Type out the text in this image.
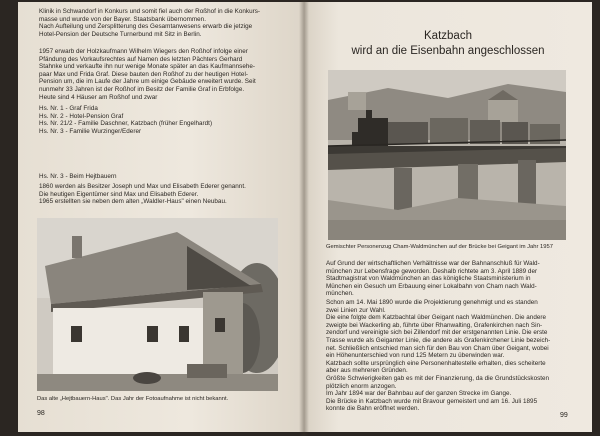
Klinik in Schwandorf in Konkurs und somit fiel auch der Roßhof in die Konkurs-
masse und wurde von der Bayer. Staatsbank übernommen.
Nach Aufteilung und Zersplitterung des Gesamtanwesens erwarb die jetzige
Hotel-Pension der Deutsche Turnerbund mit Sitz in Berlin.
1957 erwarb der Holzkaufmann Wilhelm Wiegers den Roßhof infolge einer
Pfändung des Vorkaufsrechtes auf Namen des letzten Pächters Gerhard
Stahnke und verkaufte ihn nur wenige Monate später an das Kaufmannsehe-
paar Max und Frida Graf. Diese bauten den Roßhof zu der heutigen Hotel-
Pension um, die im Laufe der Jahre um einige Gebäude erweitert wurde. Seit
nunmehr 33 Jahren ist der Roßhof im Besitz der Familie Graf in Erbfolge.
Heute sind 4 Häuser am Roßhof und zwar
Hs. Nr. 1 - Graf Frida
Hs. Nr. 2 - Hotel-Pension Graf
Hs. Nr. 21/2 - Familie Daschner, Katzbach (früher Engelhardt)
Hs. Nr. 3 - Familie Wurzinger/Ederer
Hs. Nr. 3 - Beim Hejtbauern
1860 werden als Besitzer Joseph und Max und Elisabeth Ederer genannt.
Die heutigen Eigentümer sind Max und Elisabeth Ederer.
1965 erstellten sie neben dem alten „Waldler-Haus" einen Neubau.
Das alte „Hejtbauern-Haus". Das Jahr der Fotoaufnahme ist nicht bekannt.
98
Katzbach
wird an die Eisenbahn angeschlossen
Gemischter Personenzug Cham-Waldmünchen auf der Brücke bei Geigant im Jahr 1957
Auf Grund der wirtschaftlichen Verhältnisse war der Bahnanschluß für Wald-
münchen zur Lebensfrage geworden. Deshalb richtete am 3. April 1889 der
Stadtmagistrat von Waldmünchen an das königliche Staatsministerium in
München ein Gesuch um Erbauung einer Lokalbahn von Cham nach Wald-
münchen.
Schon am 14. Mai 1890 wurde die Projektierung genehmigt und es standen
zwei Linien zur Wahl.
Die eine folgte dem Katzbachtal über Geigant nach Waldmünchen. Die andere
zweigte bei Wackerling ab, führte über Rhanwalting, Grafenkirchen nach Sin-
zendorf und vereinigte sich bei Zillendorf mit der erstgenannten Linie. Die erste
Trasse wurde als Geiganter Linie, die andere als Grafenkirchener Linie bezeich-
net. Schließlich entschied man sich für den Bau von Cham über Geigant, wobei
ein Höhenunterschied von rund 125 Metern zu überwinden war.
Katzbach sollte ursprünglich eine Personenhaltestelle erhalten, dies scheiterte
aber aus mehreren Gründen.
Größte Schwierigkeiten gab es mit der Finanzierung, da die Grundstückskosten
plötzlich enorm anzogen.
Im Jahr 1894 war der Bahnbau auf der ganzen Strecke im Gange.
Die Brücke in Katzbach wurde mit Bravour gemeistert und am 16. Juli 1895
konnte die Bahn eröffnet werden.
99
